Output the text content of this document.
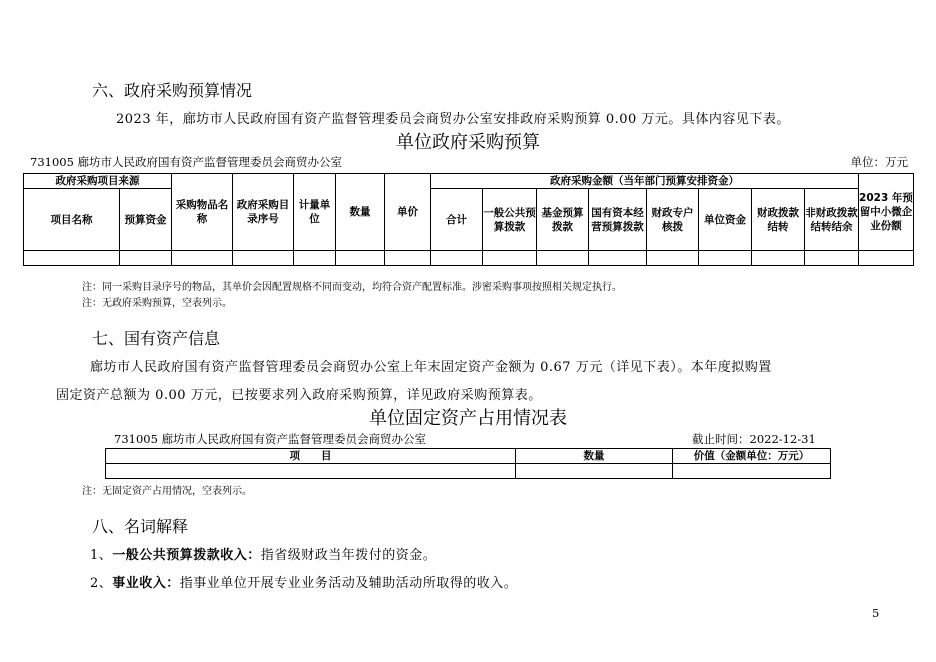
六、政府采购预算情况
2023 年，廊坊市人民政府国有资产监督管理委员会商贸办公室安排政府采购预算 0.00 万元。具体内容见下表。
单位政府采购预算
731005 廊坊市人民政府国有资产监督管理委员会商贸办公室	单位：万元
政府采购项目来源		采购物品名称	政府采购目录序号	计量单位	数量	单价	政府采购金额（当年部门预算安排资金）								2023 年预留中小微企业份额
项目名称	预算资金						合计	一般公共预算拨款	基金预算拨款	国有资本经营预算拨款	财政专户核拨	单位资金	财政拨款结转	非财政拨款结转结余	

注：同一采购目录序号的物品，其单价会因配置规格不同而变动，均符合资产配置标准。涉密采购事项按照相关规定执行。
注：无政府采购预算，空表列示。
七、国有资产信息
廊坊市人民政府国有资产监督管理委员会商贸办公室上年末固定资产金额为 0.67 万元（详见下表）。本年度拟购置
固定资产总额为 0.00 万元，已按要求列入政府采购预算，详见政府采购预算表。
单位固定资产占用情况表
731005 廊坊市人民政府国有资产监督管理委员会商贸办公室	截止时间：2022-12-31
项　　目	数量	价值（金额单位：万元）

注：无固定资产占用情况，空表列示。
八、名词解释
1、一般公共预算拨款收入：指省级财政当年拨付的资金。
2、事业收入：指事业单位开展专业业务活动及辅助活动所取得的收入。
5
